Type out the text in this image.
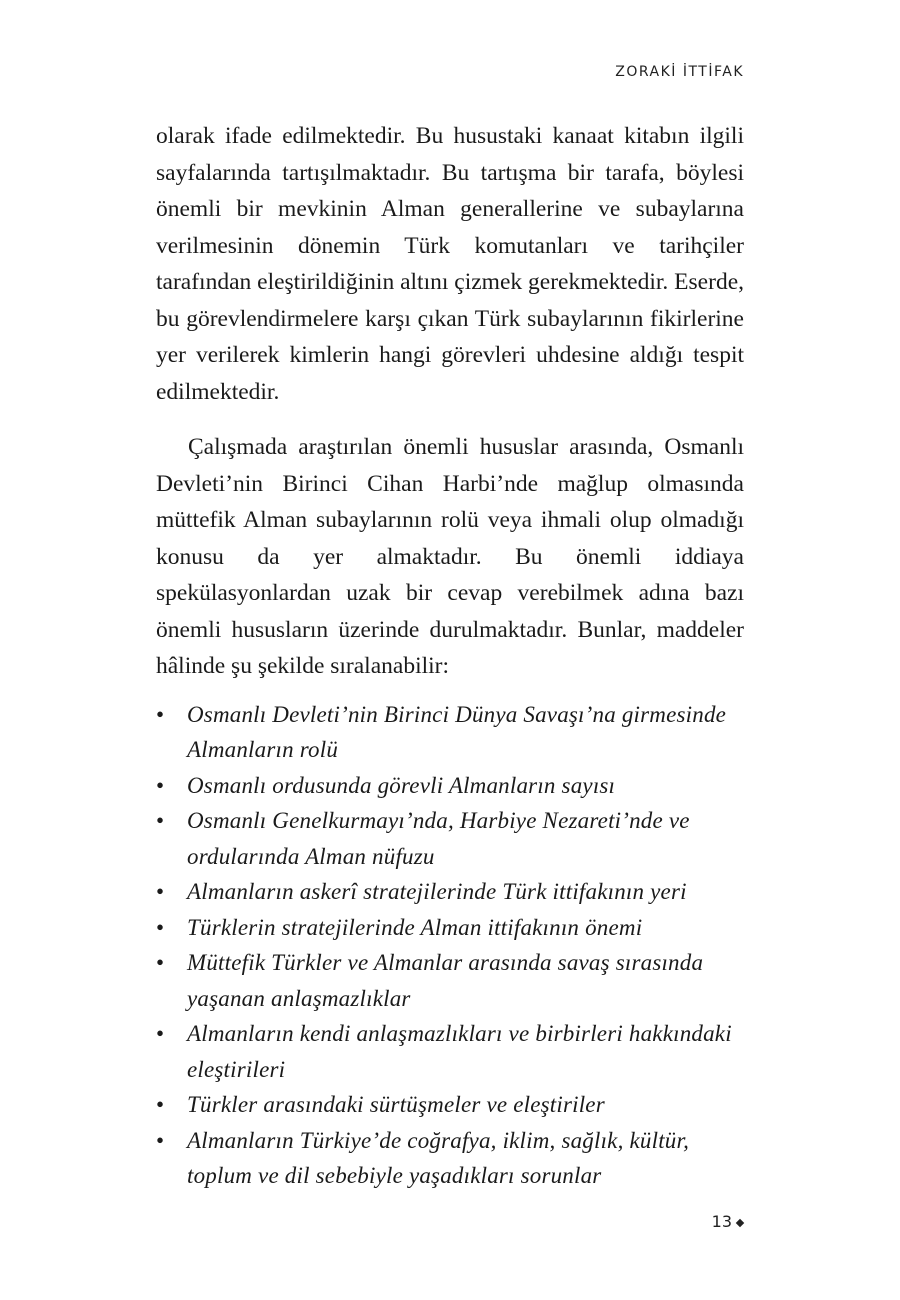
ZORAKİ İTTİFAK

olarak ifade edilmektedir. Bu husustaki kanaat kitabın ilgili sayfalarında tartışılmaktadır. Bu tartışma bir tarafa, böylesi önemli bir mevkinin Alman generallerine ve subaylarına verilmesinin dönemin Türk komutanları ve tarihçiler tarafından eleştirildiğinin altını çizmek gerekmektedir. Eserde, bu görevlendirmelere karşı çıkan Türk subaylarının fikirlerine yer verilerek kimlerin hangi görevleri uhdesine aldığı tespit edilmektedir.

Çalışmada araştırılan önemli hususlar arasında, Osmanlı Devleti’nin Birinci Cihan Harbi’nde mağlup olmasında müttefik Alman subaylarının rolü veya ihmali olup olmadığı konusu da yer almaktadır. Bu önemli iddiaya spekülasyonlardan uzak bir cevap verebilmek adına bazı önemli hususların üzerinde durulmaktadır. Bunlar, maddeler hâlinde şu şekilde sıralanabilir:

• Osmanlı Devleti’nin Birinci Dünya Savaşı’na girmesinde Almanların rolü
• Osmanlı ordusunda görevli Almanların sayısı
• Osmanlı Genelkurmayı’nda, Harbiye Nezareti’nde ve ordularında Alman nüfuzu
• Almanların askerî stratejilerinde Türk ittifakının yeri
• Türklerin stratejilerinde Alman ittifakının önemi
• Müttefik Türkler ve Almanlar arasında savaş sırasında yaşanan anlaşmazlıklar
• Almanların kendi anlaşmazlıkları ve birbirleri hakkındaki eleştirileri
• Türkler arasındaki sürtüşmeler ve eleştiriler
• Almanların Türkiye’de coğrafya, iklim, sağlık, kültür, toplum ve dil sebebiyle yaşadıkları sorunlar
13
